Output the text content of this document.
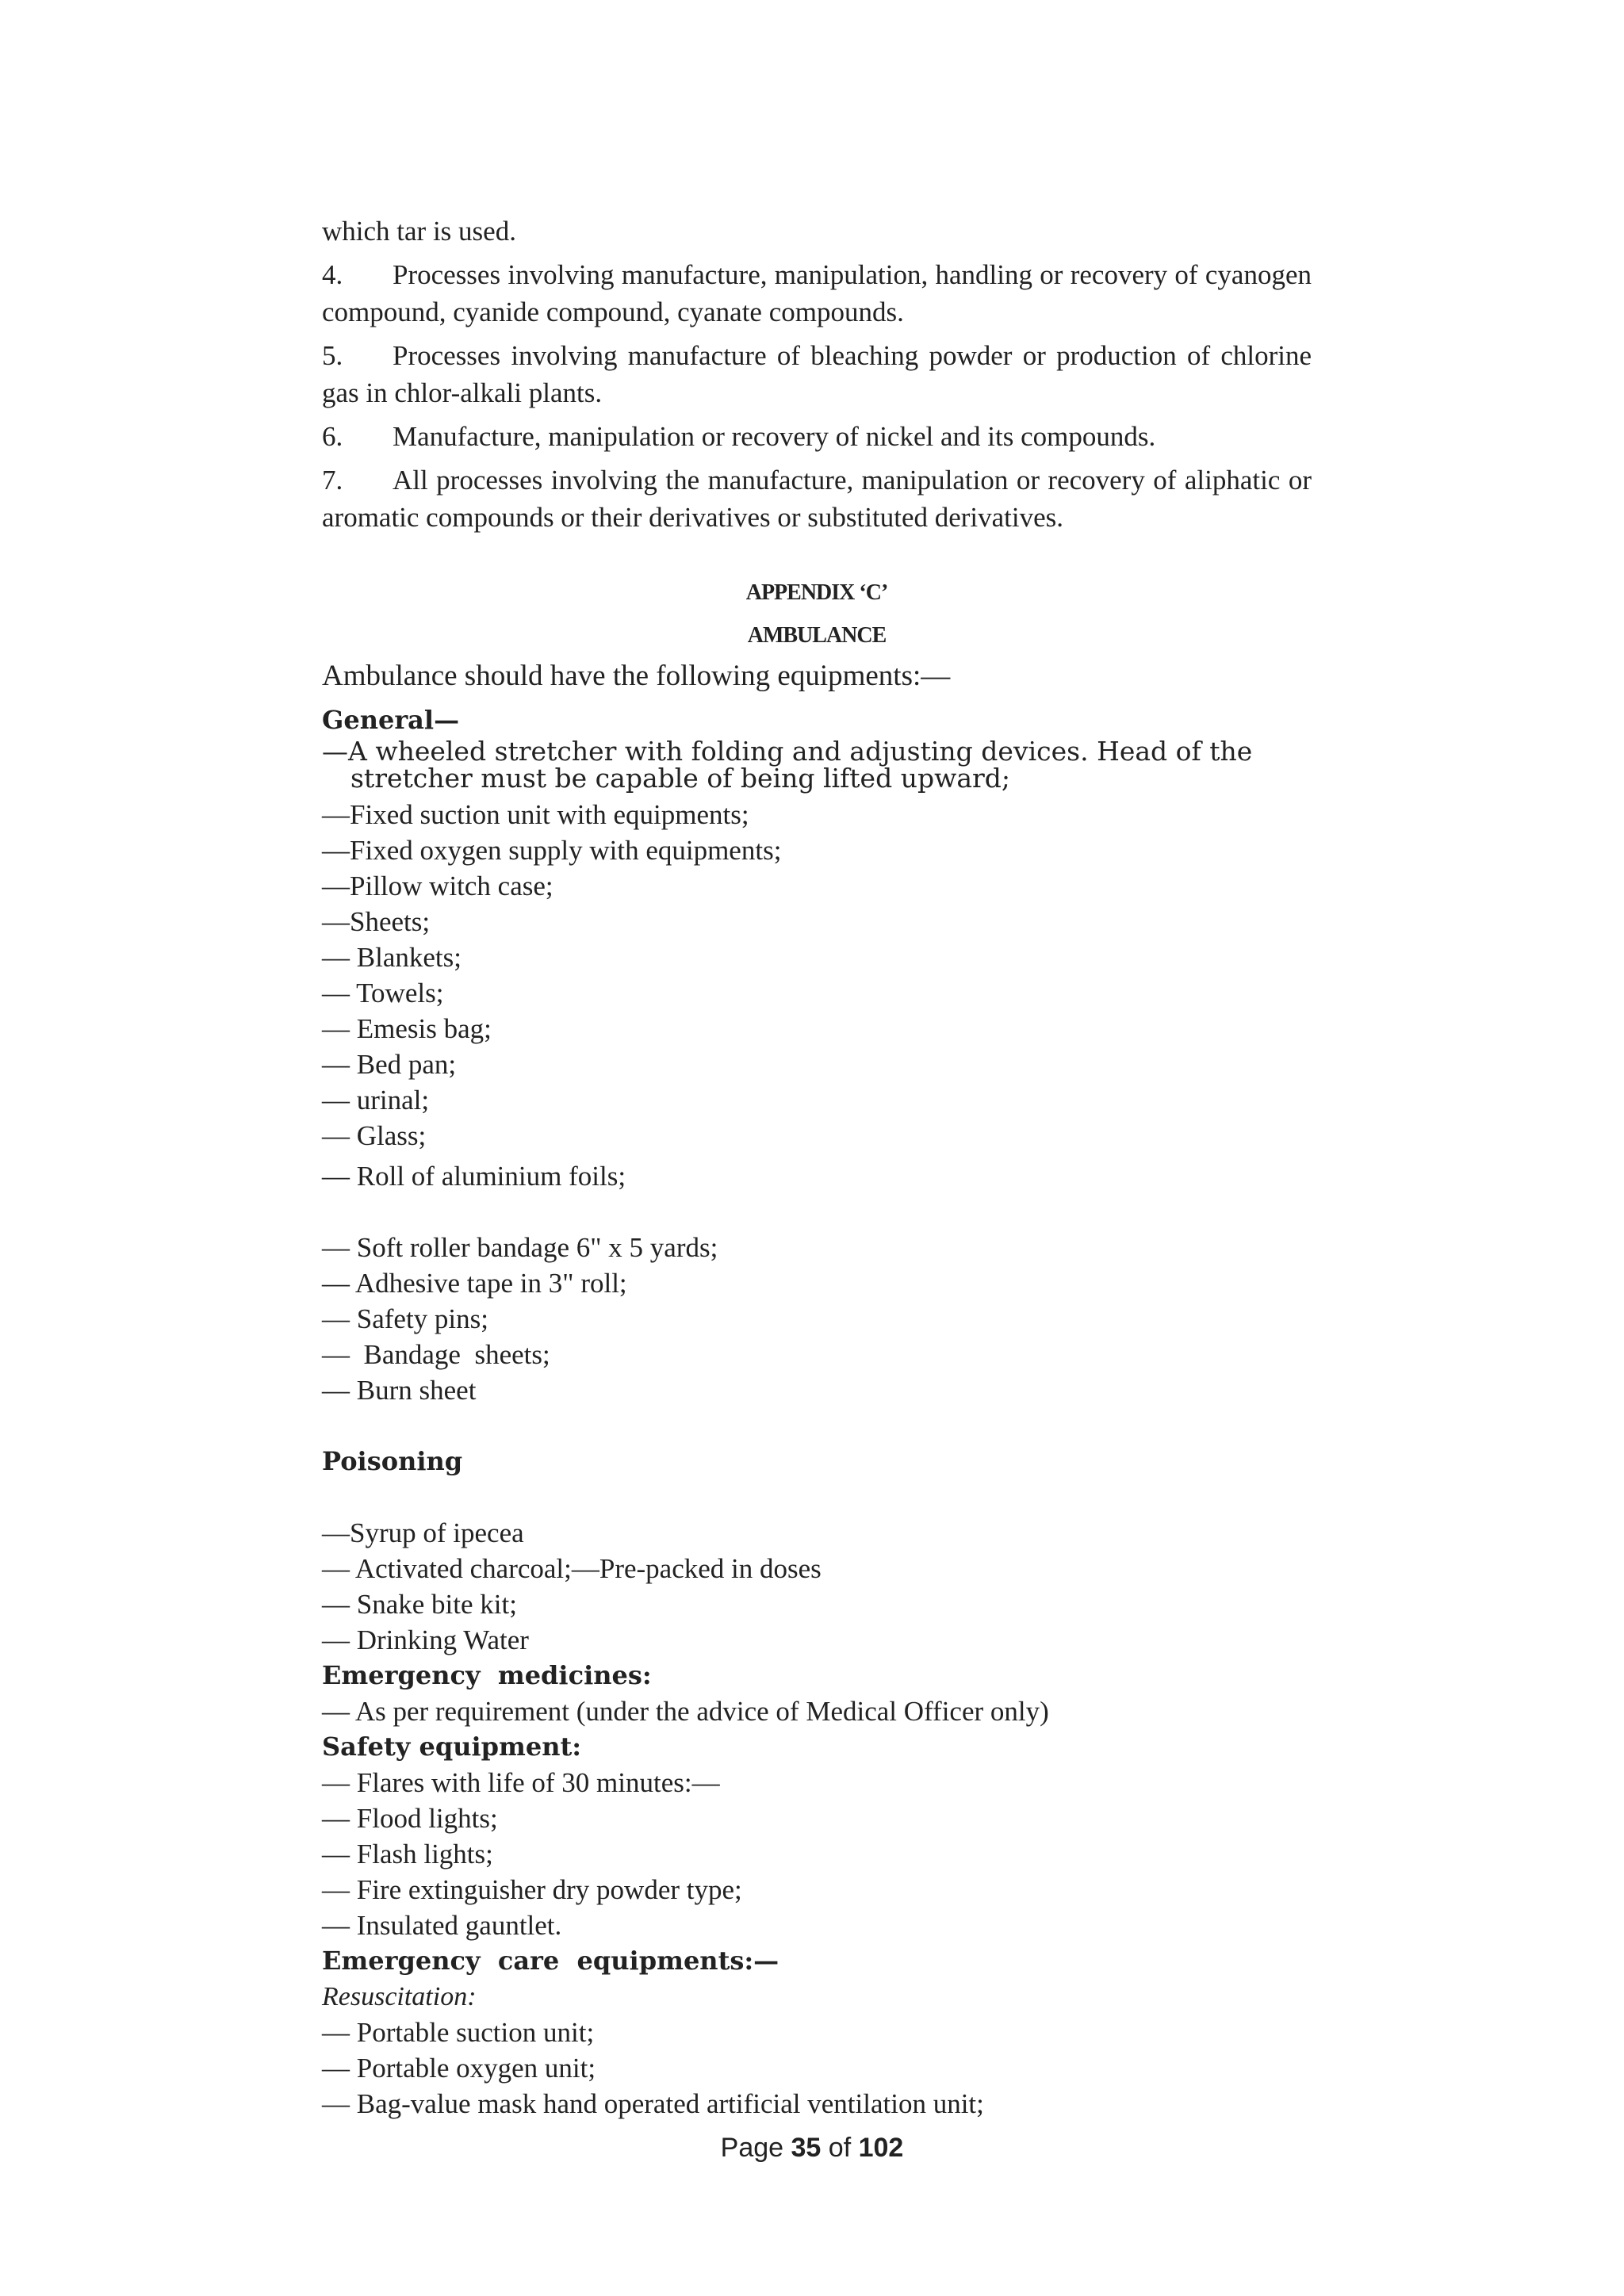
which tar is used.

4. Processes involving manufacture, manipulation, handling or recovery of cyanogen compound, cyanide compound, cyanate compounds.

5. Processes involving manufacture of bleaching powder or production of chlorine gas in chlor-alkali plants.

6. Manufacture, manipulation or recovery of nickel and its compounds.

7. All processes involving the manufacture, manipulation or recovery of aliphatic or aromatic compounds or their derivatives or substituted derivatives.

APPENDIX ‘C’

AMBULANCE

Ambulance should have the following equipments:—

General—

—A wheeled stretcher with folding and adjusting devices. Head of the stretcher must be capable of being lifted upward;

—Fixed suction unit with equipments;

—Fixed oxygen supply with equipments;

—Pillow witch case;

—Sheets;

— Blankets;

— Towels;

— Emesis bag;

— Bed pan;

— urinal;

— Glass;

— Roll of aluminium foils;

— Soft roller bandage 6" x 5 yards;

— Adhesive tape in 3" roll;

— Safety pins;

—  Bandage  sheets;

— Burn sheet

Poisoning

—Syrup of ipecea

— Activated charcoal;—Pre-packed in doses

— Snake bite kit;

— Drinking Water

Emergency  medicines:

— As per requirement (under the advice of Medical Officer only)

Safety equipment:

— Flares with life of 30 minutes:—

— Flood lights;

— Flash lights;

— Fire extinguisher dry powder type;

— Insulated gauntlet.

Emergency  care  equipments:—

Resuscitation:

— Portable suction unit;

— Portable oxygen unit;

— Bag-value mask hand operated artificial ventilation unit;

Page 35 of 102
